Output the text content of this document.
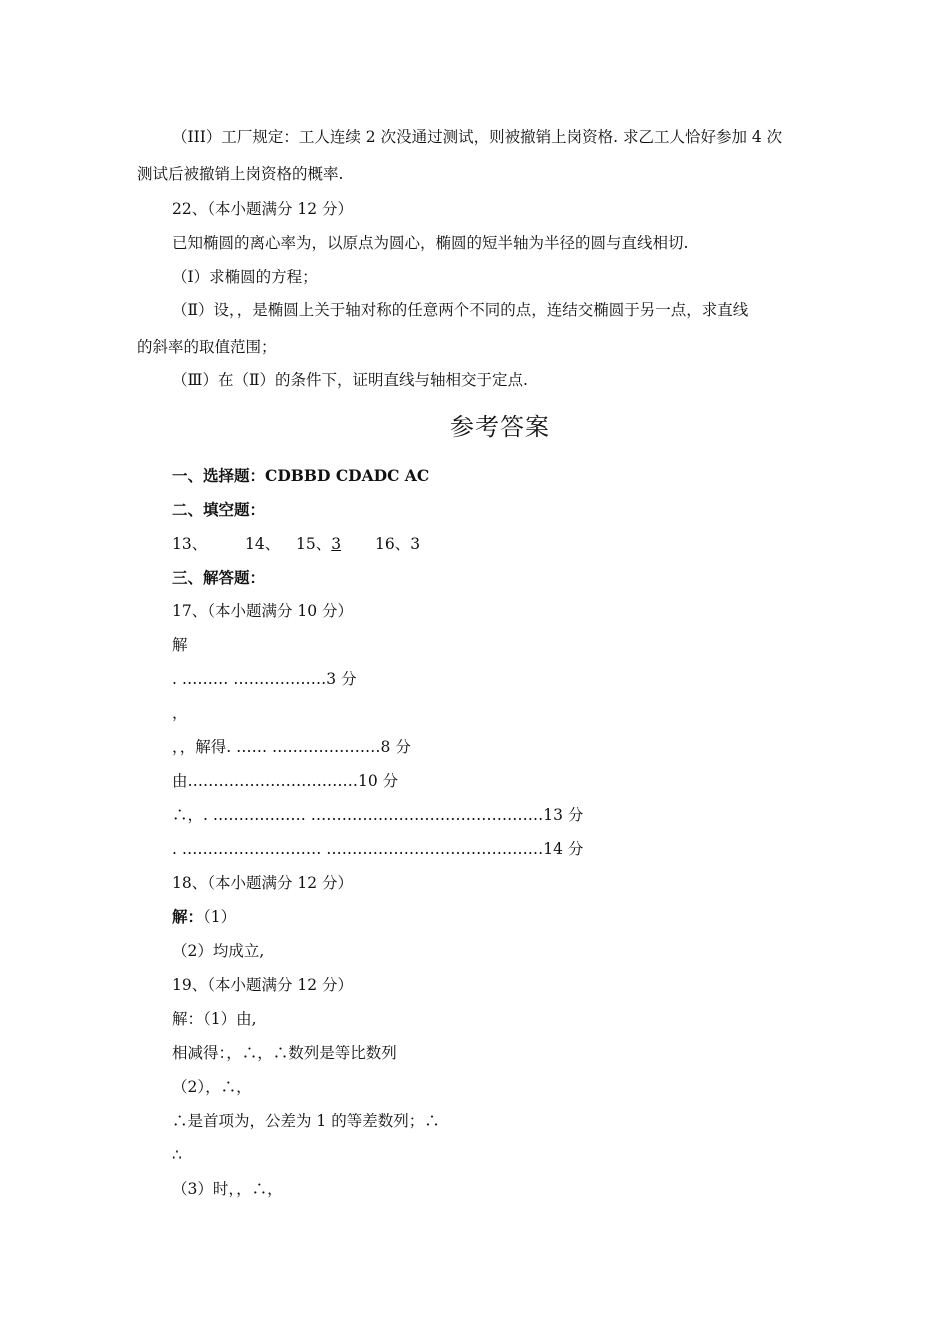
（III）工厂规定：工人连续 2 次没通过测试，则被撤销上岗资格. 求乙工人恰好参加 4 次
测试后被撤销上岗资格的概率.
22、（本小题满分 12 分）
已知椭圆的离心率为，以原点为圆心，椭圆的短半轴为半径的圆与直线相切.
（Ⅰ）求椭圆的方程；
（Ⅱ）设，，是椭圆上关于轴对称的任意两个不同的点，连结交椭圆于另一点，求直线
的斜率的取值范围；
（Ⅲ）在（Ⅱ）的条件下，证明直线与轴相交于定点.
参考答案
一、选择题：CDBBD CDADC AC
二、填空题：
13、 14、 15、3 16、3
三、解答题：
17、（本小题满分 10 分）
解
. ……… ………………3 分
，
，，解得. …… …………………8 分
由……………………………10 分
∴，. ……………… ………………………………………13 分
. ……………………… ……………………………………14 分
18、（本小题满分 12 分）
解：（1）
（2）均成立,
19、（本小题满分 12 分）
解：（1）由,
相减得：，∴，∴数列是等比数列
（2），∴，
∴是首项为，公差为 1 的等差数列；∴
∴
（3）时，，∴，
